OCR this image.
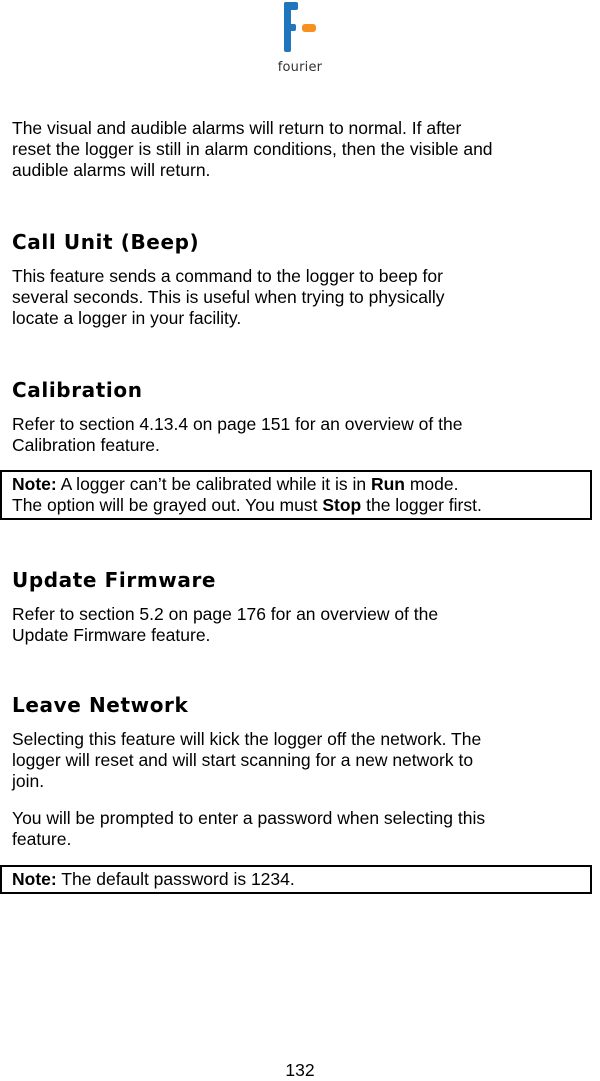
fourier
The visual and audible alarms will return to normal. If after
reset the logger is still in alarm conditions, then the visible and
audible alarms will return.
Call Unit (Beep)
This feature sends a command to the logger to beep for
several seconds. This is useful when trying to physically
locate a logger in your facility.
Calibration
Refer to section 4.13.4 on page 151 for an overview of the
Calibration feature.
Note: A logger can’t be calibrated while it is in Run mode.
The option will be grayed out. You must Stop the logger first.
Update Firmware
Refer to section 5.2 on page 176 for an overview of the
Update Firmware feature.
Leave Network
Selecting this feature will kick the logger off the network. The
logger will reset and will start scanning for a new network to
join.
You will be prompted to enter a password when selecting this
feature.
Note: The default password is 1234.
132
